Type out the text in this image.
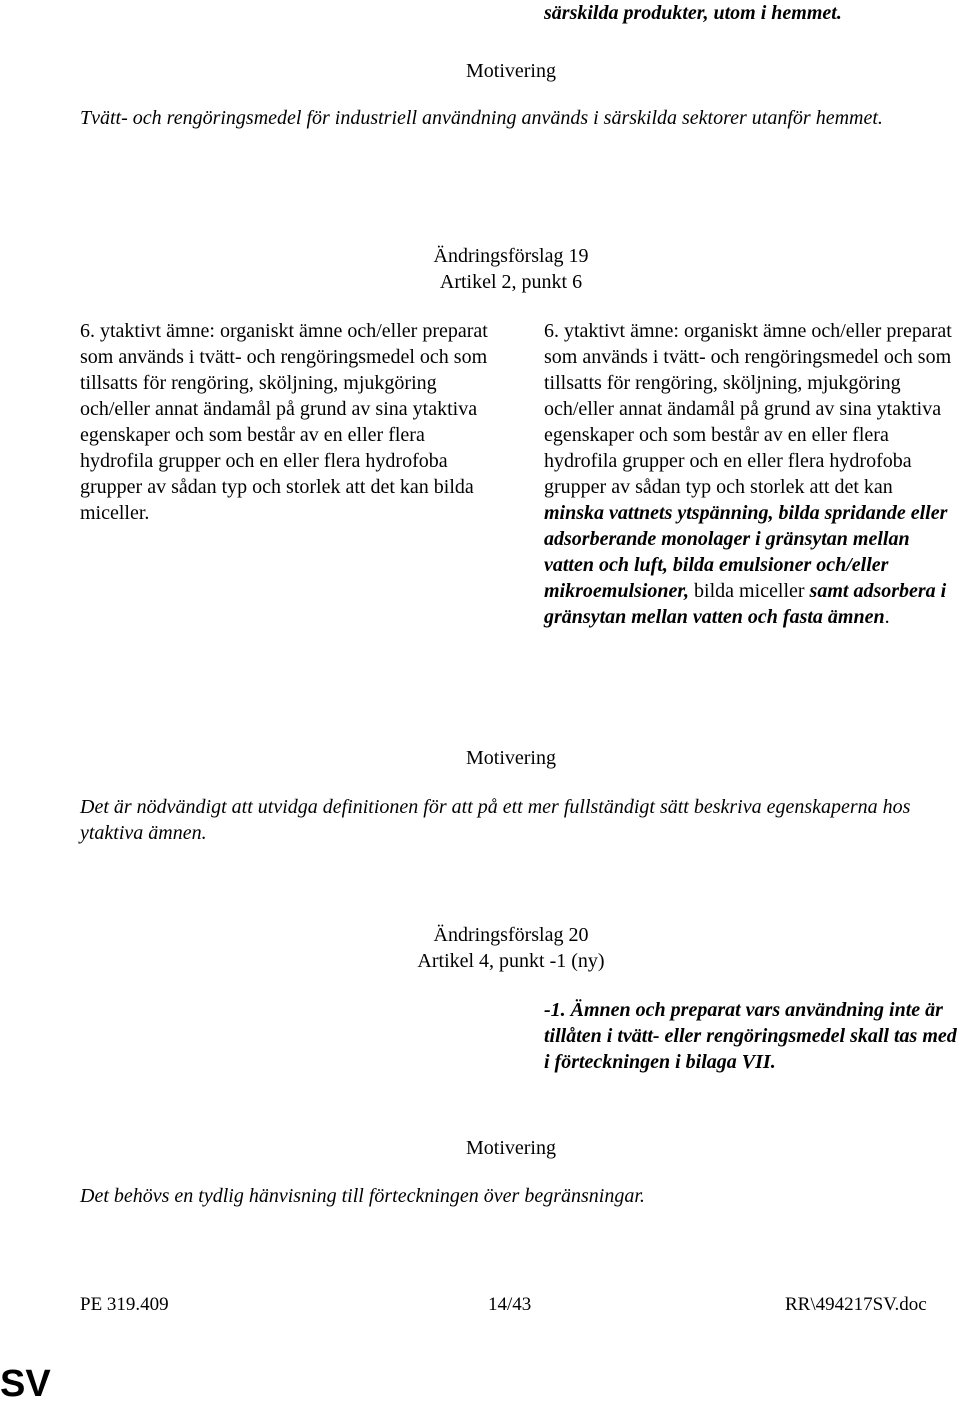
särskilda produkter, utom i hemmet.
Motivering
Tvätt- och rengöringsmedel för industriell användning används i särskilda sektorer utanför hemmet.
Ändringsförslag 19
Artikel 2, punkt 6

6. ytaktivt ämne: organiskt ämne och/eller preparat som används i tvätt- och rengöringsmedel och som tillsatts för rengöring, sköljning, mjukgöring och/eller annat ändamål på grund av sina ytaktiva egenskaper och som består av en eller flera hydrofila grupper och en eller flera hydrofoba grupper av sådan typ och storlek att det kan bilda miceller.

6. ytaktivt ämne: organiskt ämne och/eller preparat som används i tvätt- och rengöringsmedel och som tillsatts för rengöring, sköljning, mjukgöring och/eller annat ändamål på grund av sina ytaktiva egenskaper och som består av en eller flera hydrofila grupper och en eller flera hydrofoba grupper av sådan typ och storlek att det kan minska vattnets ytspänning, bilda spridande eller adsorberande monolager i gränsytan mellan vatten och luft, bilda emulsioner och/eller mikroemulsioner, bilda miceller samt adsorbera i gränsytan mellan vatten och fasta ämnen.

Motivering
Det är nödvändigt att utvidga definitionen för att på ett mer fullständigt sätt beskriva egenskaperna hos ytaktiva ämnen.
Ändringsförslag 20
Artikel 4, punkt -1 (ny)

-1. Ämnen och preparat vars användning inte är tillåten i tvätt- eller rengöringsmedel skall tas med i förteckningen i bilaga VII.

Motivering
Det behövs en tydlig hänvisning till förteckningen över begränsningar.
PE 319.409	14/43	RR\494217SV.doc
SV
